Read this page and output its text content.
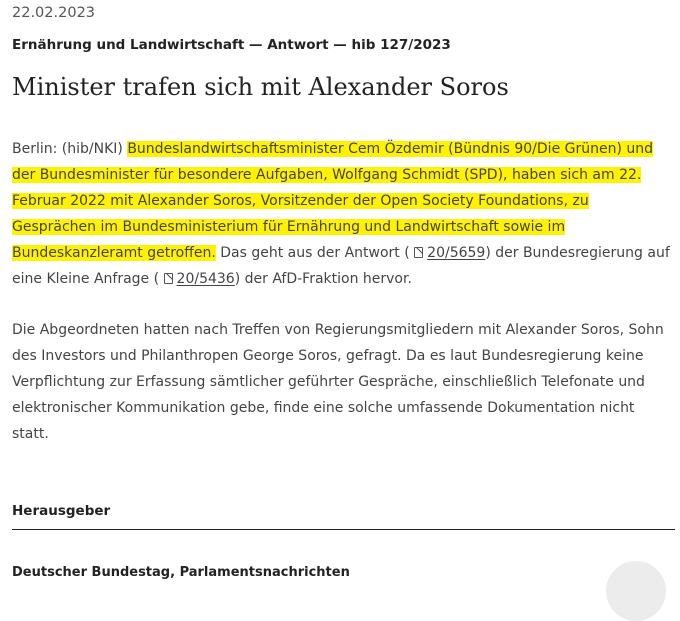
22.02.2023
Ernährung und Landwirtschaft — Antwort — hib 127/2023
Minister trafen sich mit Alexander Soros

Berlin: (hib/NKI) Bundeslandwirtschaftsminister Cem Özdemir (Bündnis 90/Die Grünen) und der Bundesminister für besondere Aufgaben, Wolfgang Schmidt (SPD), haben sich am 22. Februar 2022 mit Alexander Soros, Vorsitzender der Open Society Foundations, zu Gesprächen im Bundesministerium für Ernährung und Landwirtschaft sowie im Bundeskanzleramt getroffen. Das geht aus der Antwort ( 20/5659) der Bundesregierung auf eine Kleine Anfrage ( 20/5436) der AfD-Fraktion hervor.

Die Abgeordneten hatten nach Treffen von Regierungsmitgliedern mit Alexander Soros, Sohn des Investors und Philanthropen George Soros, gefragt. Da es laut Bundesregierung keine Verpflichtung zur Erfassung sämtlicher geführter Gespräche, einschließlich Telefonate und elektronischer Kommunikation gebe, finde eine solche umfassende Dokumentation nicht statt.

Herausgeber
Deutscher Bundestag, Parlamentsnachrichten
